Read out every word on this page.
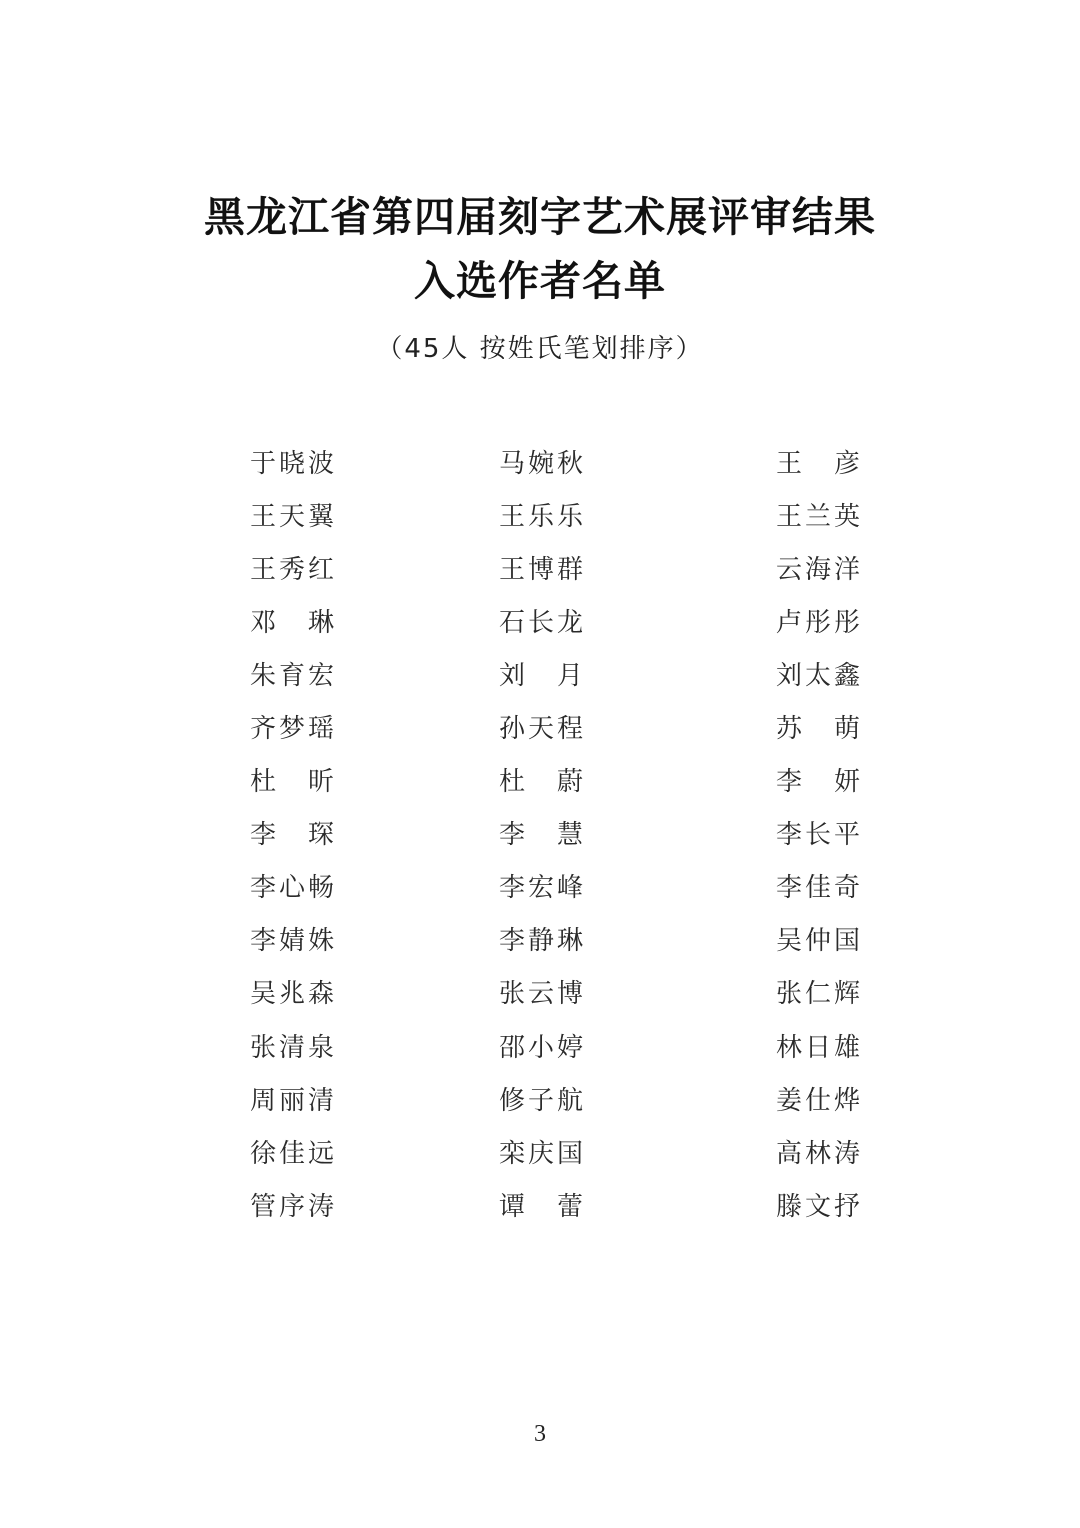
黑龙江省第四届刻字艺术展评审结果
入选作者名单
（45人 按姓氏笔划排序）
于 晓 波	马 婉 秋	王 彦
王 天 翼	王 乐 乐	王 兰 英
王 秀 红	王 博 群	云 海 洋
邓 琳	石 长 龙	卢 彤 彤
朱 育 宏	刘 月	刘 太 鑫
齐 梦 瑶	孙 天 程	苏 萌
杜 昕	杜 蔚	李 妍
李 琛	李 慧	李 长 平
李 心 畅	李 宏 峰	李 佳 奇
李 婧 姝	李 静 琳	吴 仲 国
吴 兆 森	张 云 博	张 仁 辉
张 清 泉	邵 小 婷	林 日 雄
周 丽 清	修 子 航	姜 仕 烨
徐 佳 远	栾 庆 国	高 林 涛
管 序 涛	谭 蕾	滕 文 抒
3
